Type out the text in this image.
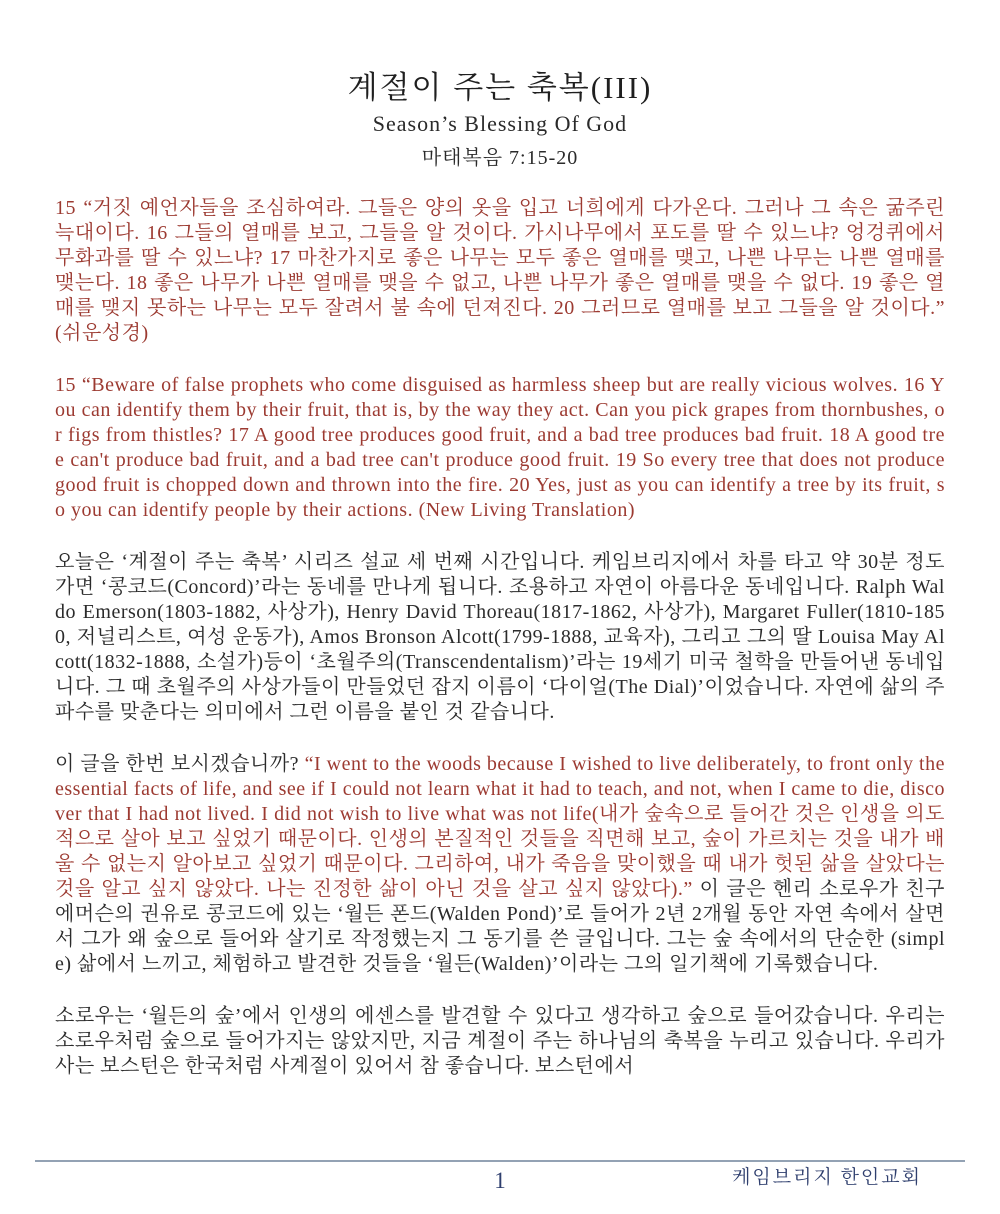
계절이 주는 축복(III)
Season’s Blessing Of God
마태복음 7:15-20

15 “거짓 예언자들을 조심하여라. 그들은 양의 옷을 입고 너희에게 다가온다. 그러나 그 속은 굶주린 늑대이다. 16 그들의 열매를 보고, 그들을 알 것이다. 가시나무에서 포도를 딸 수 있느냐? 엉겅퀴에서 무화과를 딸 수 있느냐? 17 마찬가지로 좋은 나무는 모두 좋은 열매를 맺고, 나쁜 나무는 나쁜 열매를 맺는다. 18 좋은 나무가 나쁜 열매를 맺을 수 없고, 나쁜 나무가 좋은 열매를 맺을 수 없다. 19 좋은 열매를 맺지 못하는 나무는 모두 잘려서 불 속에 던져진다. 20 그러므로 열매를 보고 그들을 알 것이다.” (쉬운성경)

15 “Beware of false prophets who come disguised as harmless sheep but are really vicious wolves. 16 You can identify them by their fruit, that is, by the way they act. Can you pick grapes from thornbushes, or figs from thistles? 17 A good tree produces good fruit, and a bad tree produces bad fruit. 18 A good tree can't produce bad fruit, and a bad tree can't produce good fruit. 19 So every tree that does not produce good fruit is chopped down and thrown into the fire. 20 Yes, just as you can identify a tree by its fruit, so you can identify people by their actions. (New Living Translation)

오늘은 ‘계절이 주는 축복’ 시리즈 설교 세 번째 시간입니다. 케임브리지에서 차를 타고 약 30분 정도 가면 ‘콩코드(Concord)’라는 동네를 만나게 됩니다. 조용하고 자연이 아름다운 동네입니다. Ralph Waldo Emerson(1803-1882, 사상가), Henry David Thoreau(1817-1862, 사상가), Margaret Fuller(1810-1850, 저널리스트, 여성 운동가), Amos Bronson Alcott(1799-1888, 교육자), 그리고 그의 딸 Louisa May Alcott(1832-1888, 소설가)등이 ‘초월주의(Transcendentalism)’라는 19세기 미국 철학을 만들어낸 동네입니다. 그 때 초월주의 사상가들이 만들었던 잡지 이름이 ‘다이얼(The Dial)’이었습니다. 자연에 삶의 주파수를 맞춘다는 의미에서 그런 이름을 붙인 것 같습니다.

이 글을 한번 보시겠습니까? “I went to the woods because I wished to live deliberately, to front only the essential facts of life, and see if I could not learn what it had to teach, and not, when I came to die, discover that I had not lived. I did not wish to live what was not life(내가 숲속으로 들어간 것은 인생을 의도적으로 살아 보고 싶었기 때문이다. 인생의 본질적인 것들을 직면해 보고, 숲이 가르치는 것을 내가 배울 수 없는지 알아보고 싶었기 때문이다. 그리하여, 내가 죽음을 맞이했을 때 내가 헛된 삶을 살았다는 것을 알고 싶지 않았다. 나는 진정한 삶이 아닌 것을 살고 싶지 않았다).” 이 글은 헨리 소로우가 친구 에머슨의 권유로 콩코드에 있는 ‘월든 폰드(Walden Pond)’로 들어가 2년 2개월 동안 자연 속에서 살면서 그가 왜 숲으로 들어와 살기로 작정했는지 그 동기를 쓴 글입니다. 그는 숲 속에서의 단순한 (simple) 삶에서 느끼고, 체험하고 발견한 것들을 ‘월든(Walden)’이라는 그의 일기책에 기록했습니다.

소로우는 ‘월든의 숲’에서 인생의 에센스를 발견할 수 있다고 생각하고 숲으로 들어갔습니다. 우리는 소로우처럼 숲으로 들어가지는 않았지만, 지금 계절이 주는 하나님의 축복을 누리고 있습니다. 우리가 사는 보스턴은 한국처럼 사계절이 있어서 참 좋습니다. 보스턴에서

1	케임브리지 한인교회
